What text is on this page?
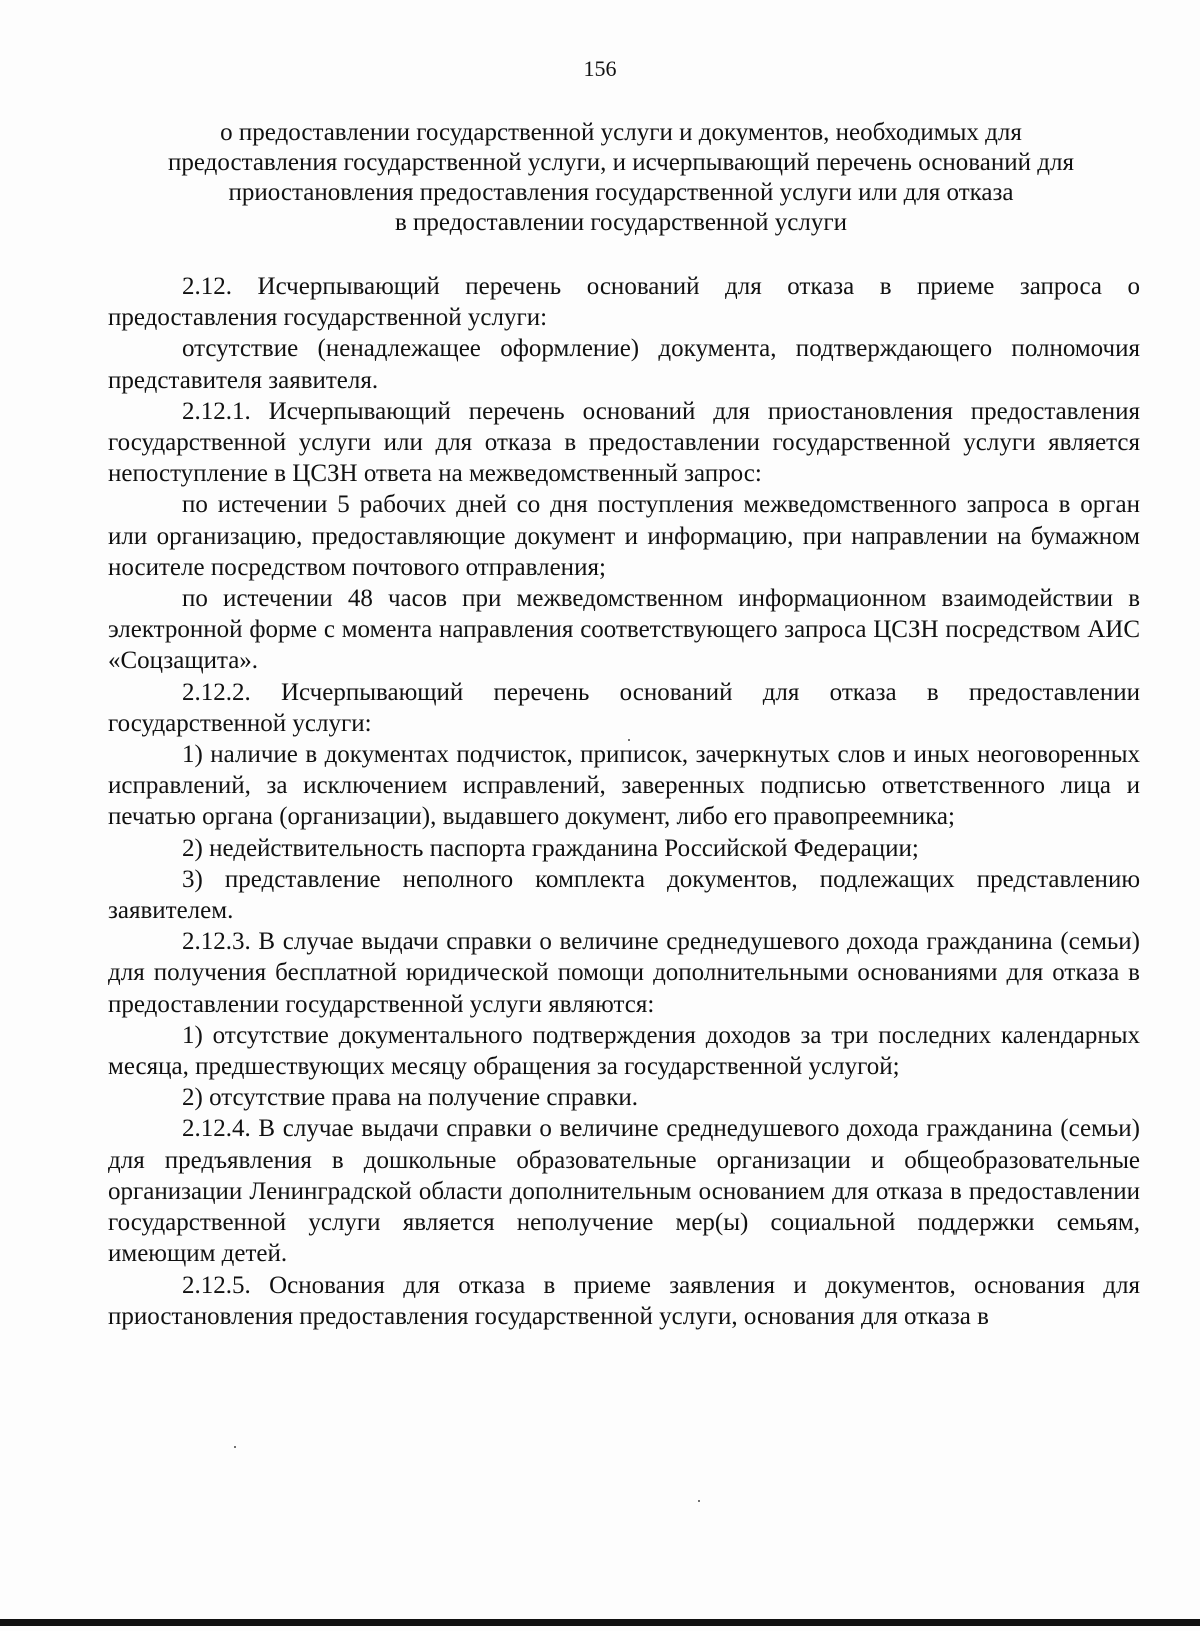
156
о предоставлении государственной услуги и документов, необходимых для
предоставления государственной услуги, и исчерпывающий перечень оснований для
приостановления предоставления государственной услуги или для отказа
в предоставлении государственной услуги

2.12. Исчерпывающий перечень оснований для отказа в приеме запроса о предоставления государственной услуги:

отсутствие (ненадлежащее оформление) документа, подтверждающего полномочия представителя заявителя.

2.12.1. Исчерпывающий перечень оснований для приостановления предоставления государственной услуги или для отказа в предоставлении государственной услуги является непоступление в ЦСЗН ответа на межведомственный запрос:

по истечении 5 рабочих дней со дня поступления межведомственного запроса в орган или организацию, предоставляющие документ и информацию, при направлении на бумажном носителе посредством почтового отправления;

по истечении 48 часов при межведомственном информационном взаимодействии в электронной форме с момента направления соответствующего запроса ЦСЗН посредством АИС «Соцзащита».

2.12.2. Исчерпывающий перечень оснований для отказа в предоставлении государственной услуги:

1) наличие в документах подчисток, приписок, зачеркнутых слов и иных неоговоренных исправлений, за исключением исправлений, заверенных подписью ответственного лица и печатью органа (организации), выдавшего документ, либо его правопреемника;

2) недействительность паспорта гражданина Российской Федерации;

3) представление неполного комплекта документов, подлежащих представлению заявителем.

2.12.3. В случае выдачи справки о величине среднедушевого дохода гражданина (семьи) для получения бесплатной юридической помощи дополнительными основаниями для отказа в предоставлении государственной услуги являются:

1) отсутствие документального подтверждения доходов за три последних календарных месяца, предшествующих месяцу обращения за государственной услугой;

2) отсутствие права на получение справки.

2.12.4. В случае выдачи справки о величине среднедушевого дохода гражданина (семьи) для предъявления в дошкольные образовательные организации и общеобразовательные организации Ленинградской области дополнительным основанием для отказа в предоставлении государственной услуги является неполучение мер(ы) социальной поддержки семьям, имеющим детей.

2.12.5. Основания для отказа в приеме заявления и документов, основания для приостановления предоставления государственной услуги, основания для отказа в
